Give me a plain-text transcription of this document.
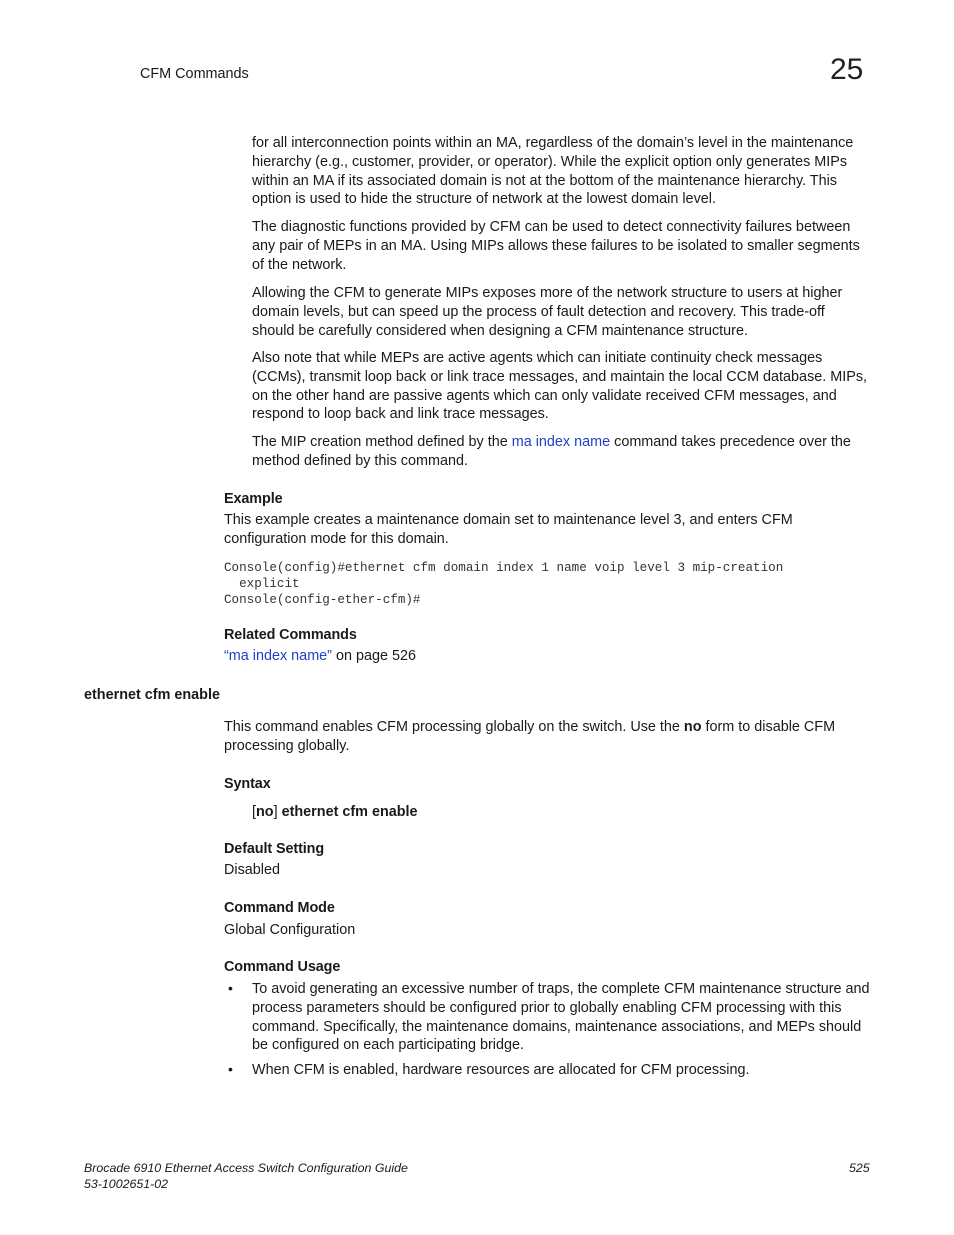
CFM Commands	25

for all interconnection points within an MA, regardless of the domain’s level in the maintenance hierarchy (e.g., customer, provider, or operator). While the explicit option only generates MIPs within an MA if its associated domain is not at the bottom of the maintenance hierarchy. This option is used to hide the structure of network at the lowest domain level.

The diagnostic functions provided by CFM can be used to detect connectivity failures between any pair of MEPs in an MA. Using MIPs allows these failures to be isolated to smaller segments of the network.

Allowing the CFM to generate MIPs exposes more of the network structure to users at higher domain levels, but can speed up the process of fault detection and recovery. This trade-off should be carefully considered when designing a CFM maintenance structure.

Also note that while MEPs are active agents which can initiate continuity check messages (CCMs), transmit loop back or link trace messages, and maintain the local CCM database. MIPs, on the other hand are passive agents which can only validate received CFM messages, and respond to loop back and link trace messages.

The MIP creation method defined by the ma index name command takes precedence over the method defined by this command.

Example

This example creates a maintenance domain set to maintenance level 3, and enters CFM configuration mode for this domain.

Console(config)#ethernet cfm domain index 1 name voip level 3 mip-creation
explicit
Console(config-ether-cfm)#
Related Commands
“ma index name” on page 526
ethernet cfm enable

This command enables CFM processing globally on the switch. Use the no form to disable CFM processing globally.

Syntax
[no] ethernet cfm enable
Default Setting
Disabled
Command Mode
Global Configuration
Command Usage
• To avoid generating an excessive number of traps, the complete CFM maintenance structure and process parameters should be configured prior to globally enabling CFM processing with this command. Specifically, the maintenance domains, maintenance associations, and MEPs should be configured on each participating bridge.

• When CFM is enabled, hardware resources are allocated for CFM processing.

Brocade 6910 Ethernet Access Switch Configuration Guide
53-1002651-02
525
